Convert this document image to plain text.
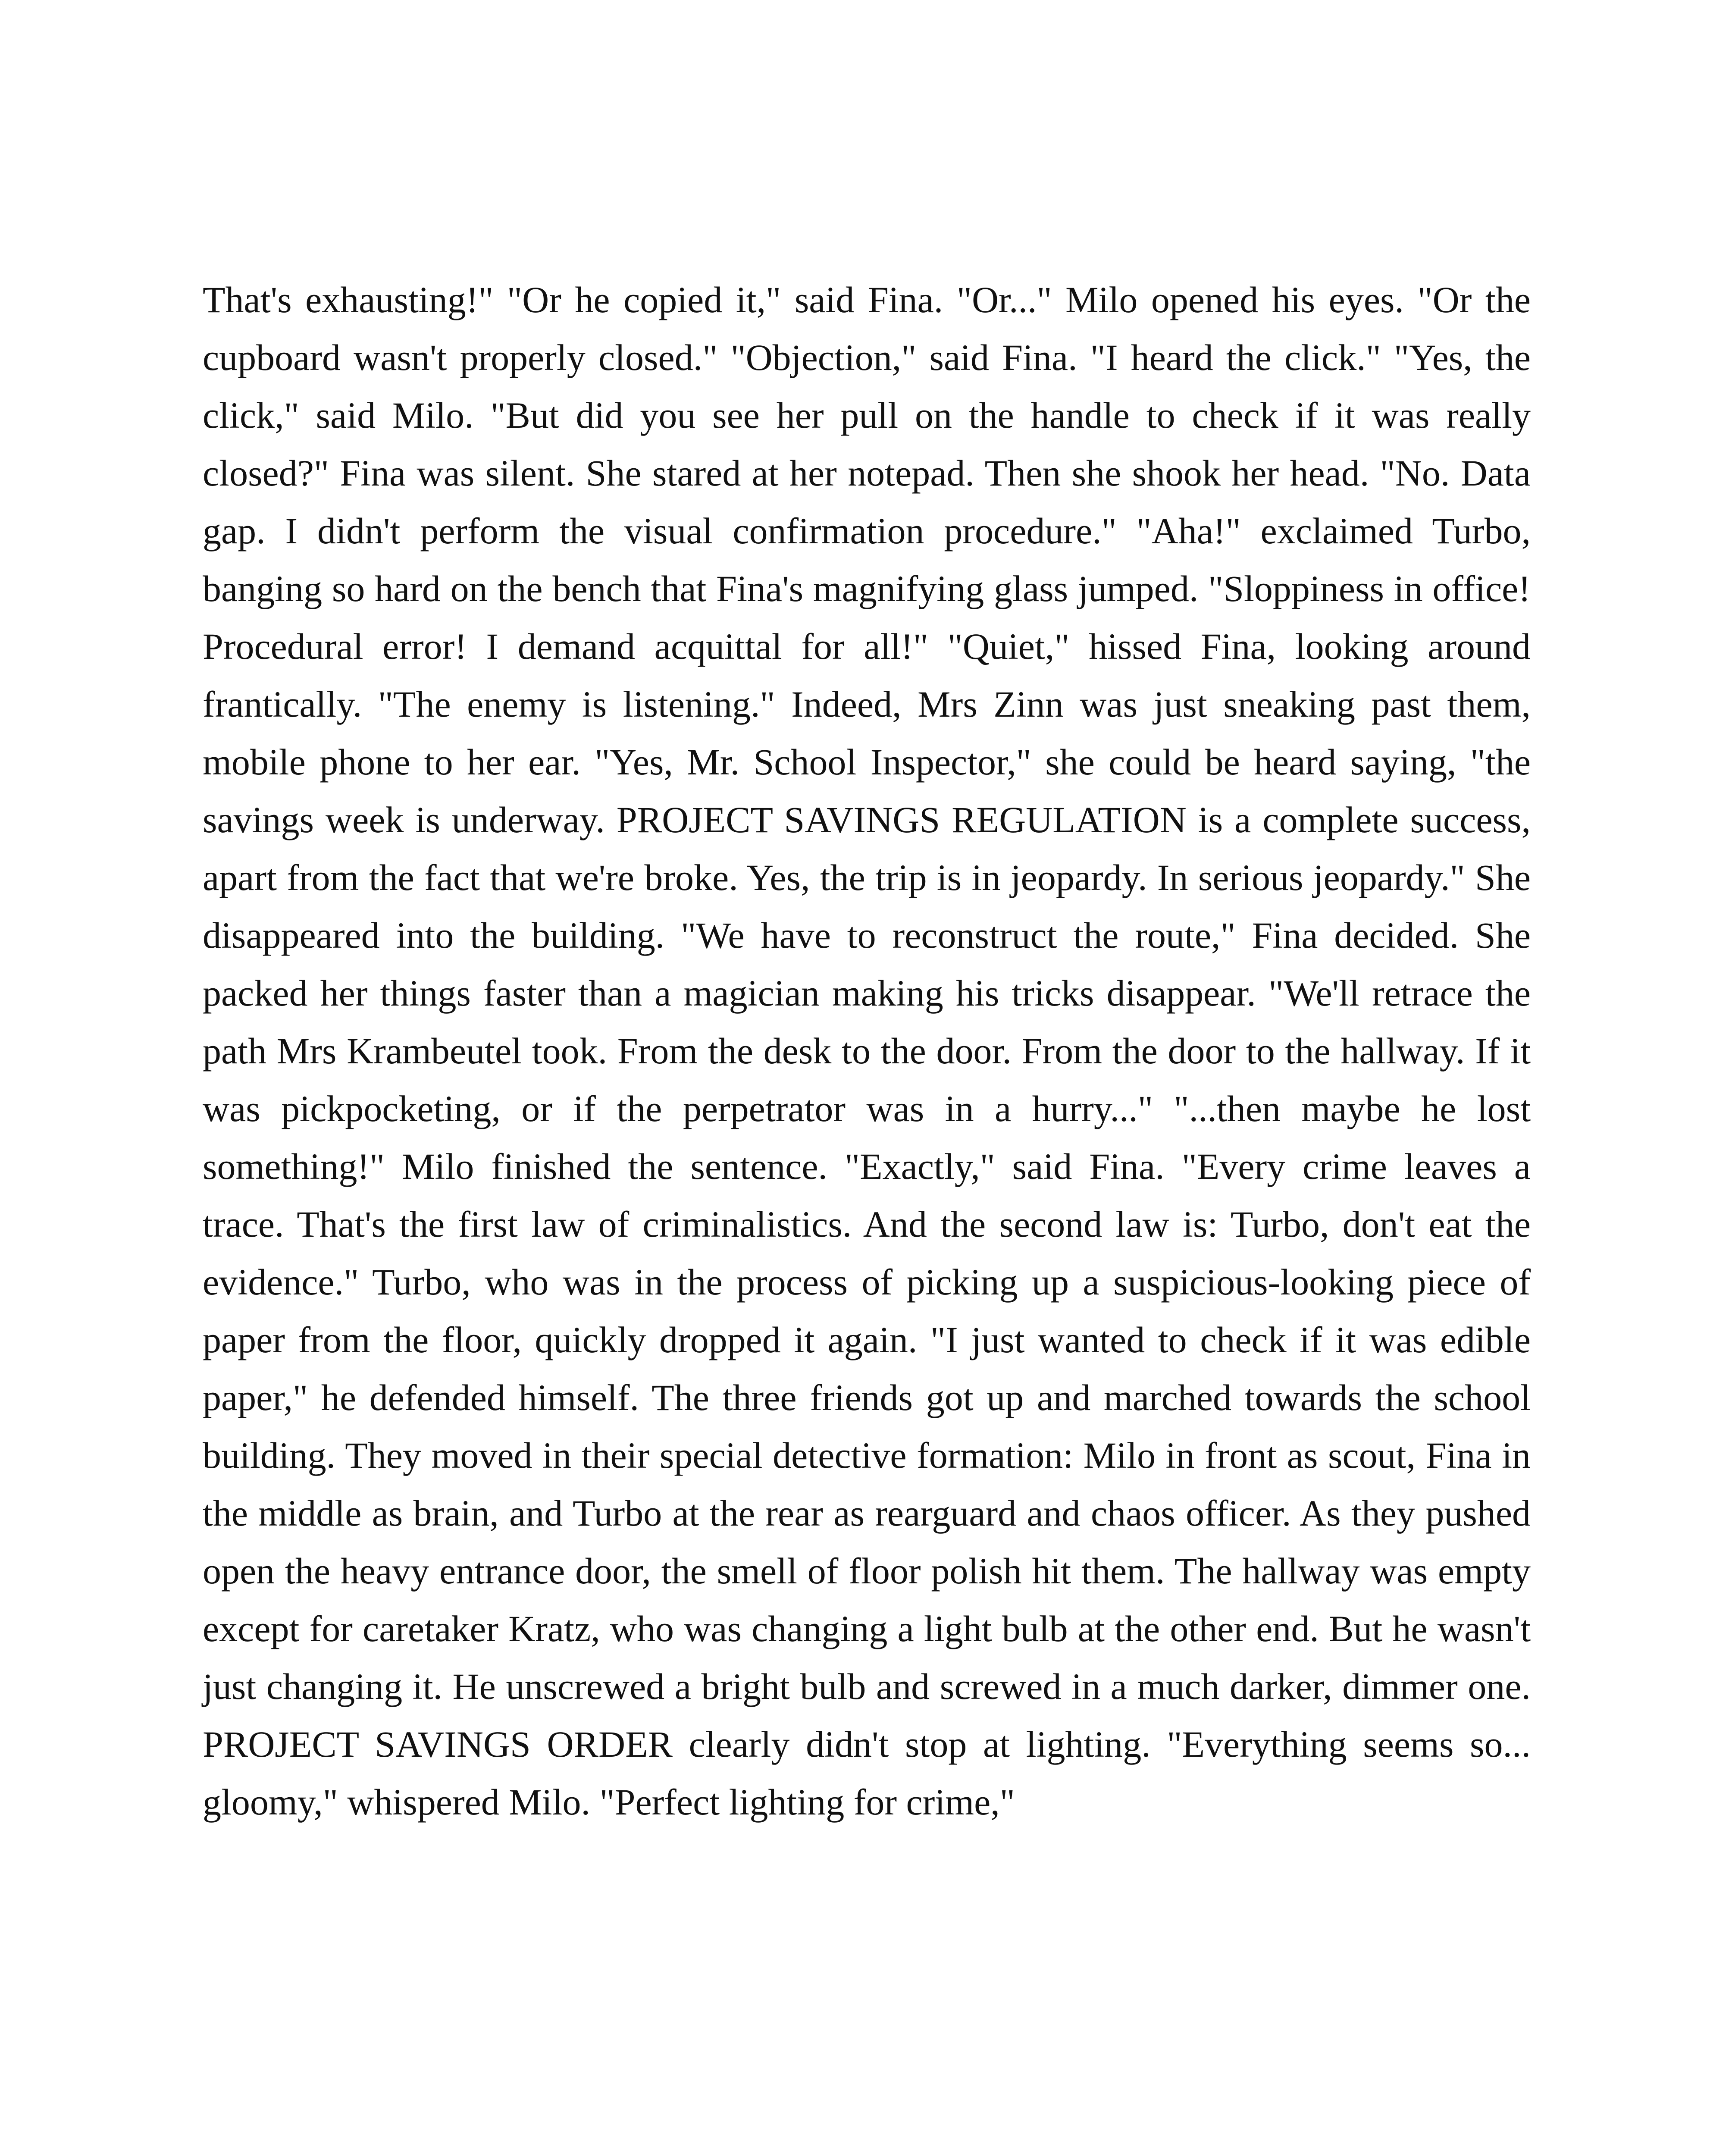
That's exhausting!" "Or he copied it," said Fina. "Or..." Milo opened his eyes. "Or the cupboard wasn't properly closed." "Objection," said Fina. "I heard the click." "Yes, the click," said Milo. "But did you see her pull on the handle to check if it was really closed?" Fina was silent. She stared at her notepad. Then she shook her head. "No. Data gap. I didn't perform the visual confirmation procedure." "Aha!" exclaimed Turbo, banging so hard on the bench that Fina's magnifying glass jumped. "Sloppiness in office! Procedural error! I demand acquittal for all!" "Quiet," hissed Fina, looking around frantically. "The enemy is listening." Indeed, Mrs Zinn was just sneaking past them, mobile phone to her ear. "Yes, Mr. School Inspector," she could be heard saying, "the savings week is underway. PROJECT SAVINGS REGULATION is a complete success, apart from the fact that we're broke. Yes, the trip is in jeopardy. In serious jeopardy." She disappeared into the building. "We have to reconstruct the route," Fina decided. She packed her things faster than a magician making his tricks disappear. "We'll retrace the path Mrs Krambeutel took. From the desk to the door. From the door to the hallway. If it was pickpocketing, or if the perpetrator was in a hurry..." "...then maybe he lost something!" Milo finished the sentence. "Exactly," said Fina. "Every crime leaves a trace. That's the first law of criminalistics. And the second law is: Turbo, don't eat the evidence." Turbo, who was in the process of picking up a suspicious-looking piece of paper from the floor, quickly dropped it again. "I just wanted to check if it was edible paper," he defended himself. The three friends got up and marched towards the school building. They moved in their special detective formation: Milo in front as scout, Fina in the middle as brain, and Turbo at the rear as rearguard and chaos officer. As they pushed open the heavy entrance door, the smell of floor polish hit them. The hallway was empty except for caretaker Kratz, who was changing a light bulb at the other end. But he wasn't just changing it. He unscrewed a bright bulb and screwed in a much darker, dimmer one. PROJECT SAVINGS ORDER clearly didn't stop at lighting. "Everything seems so... gloomy," whispered Milo. "Perfect lighting for crime,"
